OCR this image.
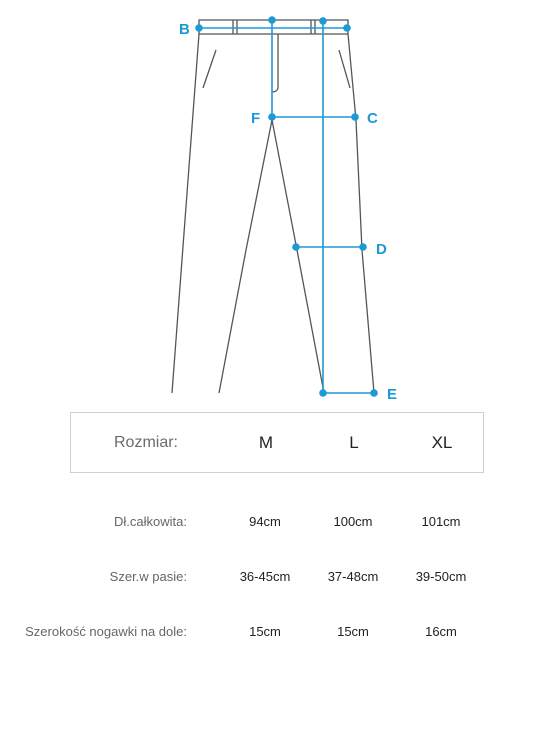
B
F	C
D
E
Rozmiar:	M	L	XL
Dł.całkowita:	94cm	100cm	101cm
Szer.w pasie:	36-45cm	37-48cm	39-50cm
Szerokość nogawki na dole:	15cm	15cm	16cm
